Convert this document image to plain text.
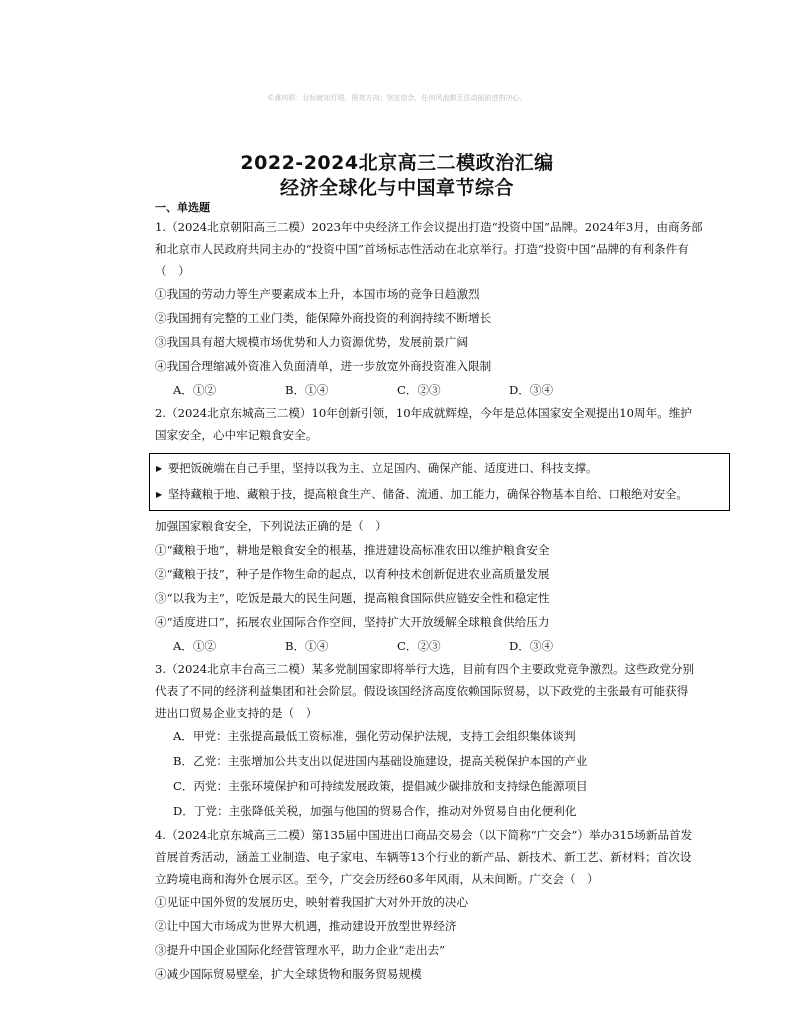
©潍坊联：目标就如灯塔，照亮方向；坚定信念，任何风浪都无法动摇前进的决心。
2022-2024北京高三二模政治汇编
经济全球化与中国章节综合
一、单选题

1.（2024北京朝阳高三二模）2023年中央经济工作会议提出打造“投资中国”品牌。2024年3月，由商务部

和北京市人民政府共同主办的“投资中国”首场标志性活动在北京举行。打造“投资中国”品牌的有利条件有

（　）

①我国的劳动力等生产要素成本上升，本国市场的竞争日趋激烈

②我国拥有完整的工业门类，能保障外商投资的利润持续不断增长

③我国具有超大规模市场优势和人力资源优势，发展前景广阔

④我国合理缩减外资准入负面清单，进一步放宽外商投资准入限制

A．①②	B．①④	C．②③	D．③④

2.（2024北京东城高三二模）10年创新引领，10年成就辉煌，今年是总体国家安全观提出10周年。维护

国家安全，心中牢记粮食安全。

▶ 要把饭碗端在自己手里，坚持以我为主、立足国内、确保产能、适度进口、科技支撑。
▶ 坚持藏粮于地、藏粮于技，提高粮食生产、储备、流通、加工能力，确保谷物基本自给、口粮绝对安全。

加强国家粮食安全，下列说法正确的是（　）

①“藏粮于地”，耕地是粮食安全的根基，推进建设高标准农田以维护粮食安全

②“藏粮于技”，种子是作物生命的起点，以育种技术创新促进农业高质量发展

③“以我为主”，吃饭是最大的民生问题，提高粮食国际供应链安全性和稳定性

④“适度进口”，拓展农业国际合作空间，坚持扩大开放缓解全球粮食供给压力

A．①②	B．①④	C．②③	D．③④

3.（2024北京丰台高三二模）某多党制国家即将举行大选，目前有四个主要政党竞争激烈。这些政党分别

代表了不同的经济利益集团和社会阶层。假设该国经济高度依赖国际贸易，以下政党的主张最有可能获得

进出口贸易企业支持的是（　）

A．甲党：主张提高最低工资标准，强化劳动保护法规，支持工会组织集体谈判
B．乙党：主张增加公共支出以促进国内基础设施建设，提高关税保护本国的产业
C．丙党：主张环境保护和可持续发展政策，提倡减少碳排放和支持绿色能源项目
D．丁党：主张降低关税，加强与他国的贸易合作，推动对外贸易自由化便利化

4.（2024北京东城高三二模）第135届中国进出口商品交易会（以下简称“广交会”）举办315场新品首发

首展首秀活动，涵盖工业制造、电子家电、车辆等13个行业的新产品、新技术、新工艺、新材料；首次设

立跨境电商和海外仓展示区。至今，广交会历经60多年风雨，从未间断。广交会（　）

①见证中国外贸的发展历史，映射着我国扩大对外开放的决心

②让中国大市场成为世界大机遇，推动建设开放型世界经济

③提升中国企业国际化经营管理水平，助力企业“走出去”

④减少国际贸易壁垒，扩大全球货物和服务贸易规模
